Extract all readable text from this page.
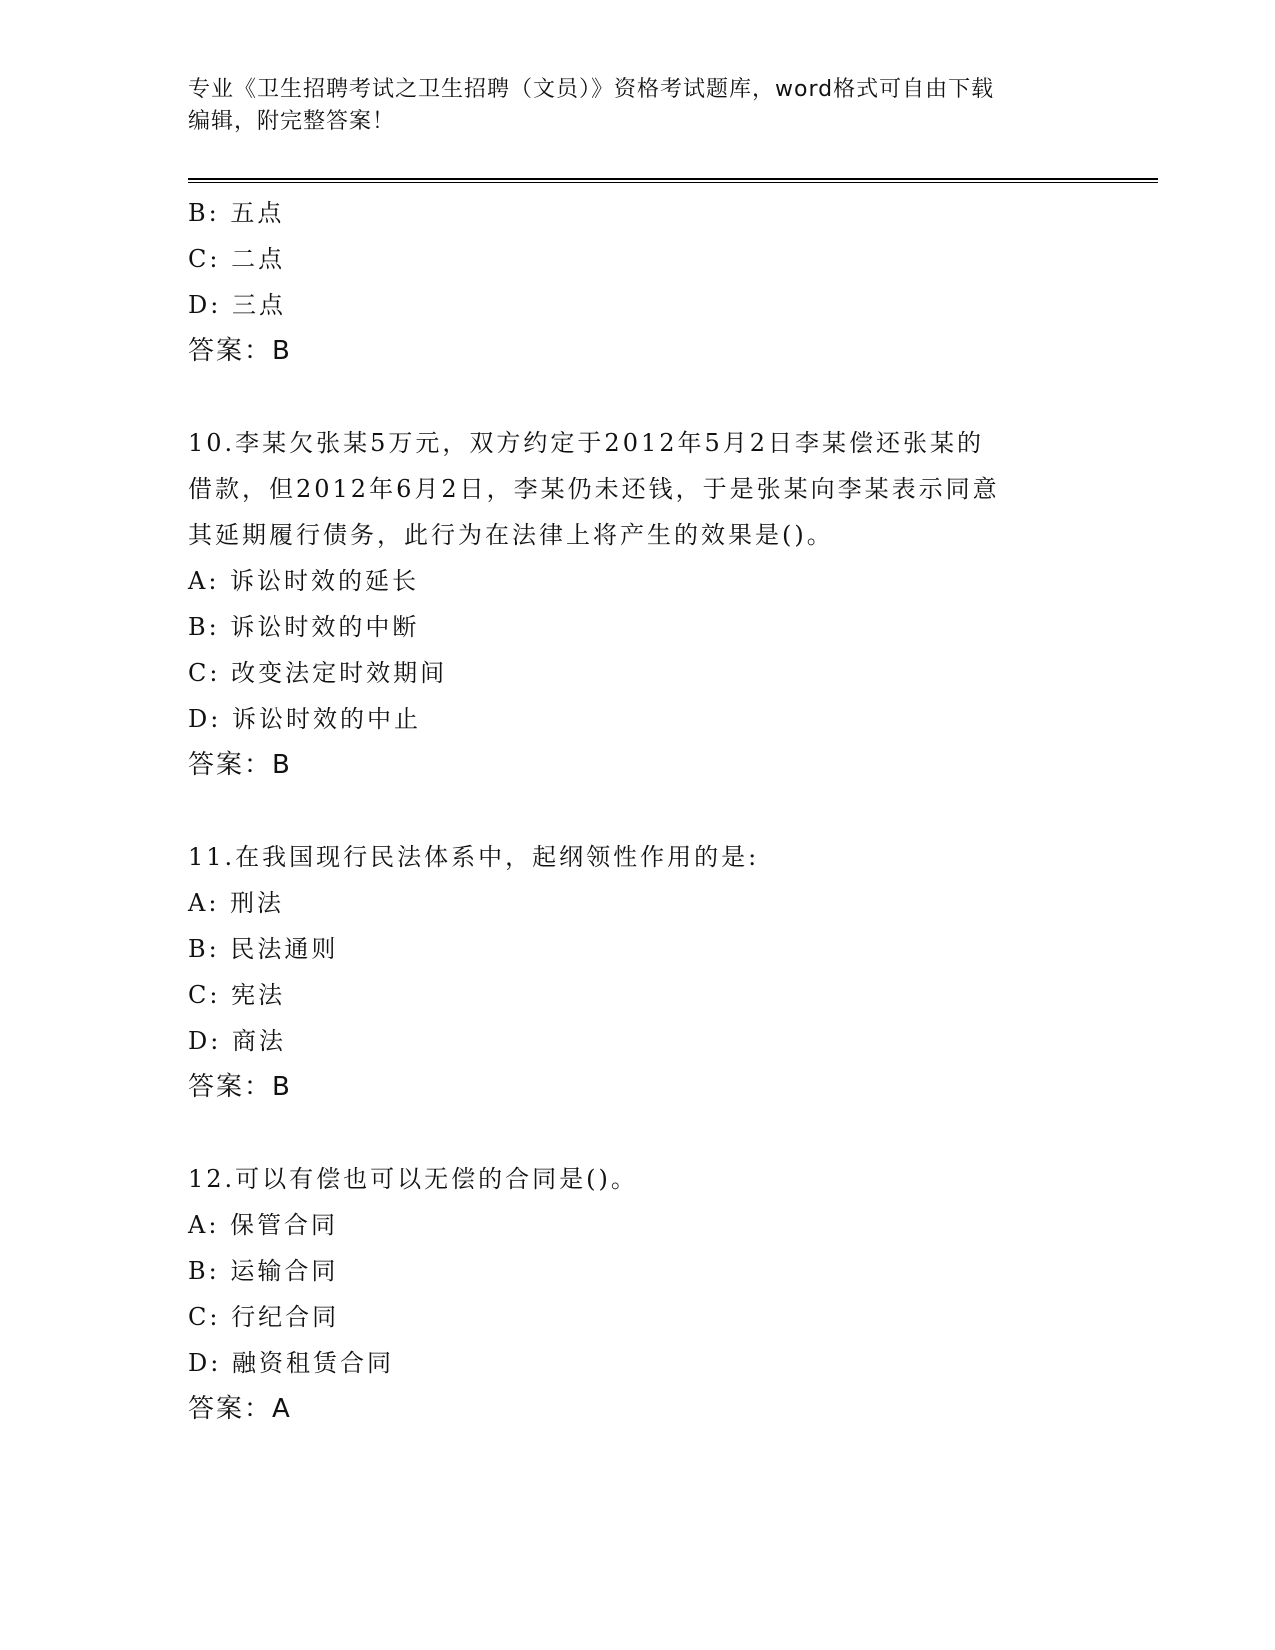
专业《卫生招聘考试之卫生招聘（文员）》资格考试题库，word格式可自由下载
编辑，附完整答案！
B: 五点
C: 二点
D: 三点
答案：B
10.李某欠张某5万元，双方约定于2012年5月2日李某偿还张某的
借款，但2012年6月2日，李某仍未还钱，于是张某向李某表示同意
其延期履行债务，此行为在法律上将产生的效果是()。
A: 诉讼时效的延长
B: 诉讼时效的中断
C: 改变法定时效期间
D: 诉讼时效的中止
答案：B
11.在我国现行民法体系中，起纲领性作用的是:
A: 刑法
B: 民法通则
C: 宪法
D: 商法
答案：B
12.可以有偿也可以无偿的合同是()。
A: 保管合同
B: 运输合同
C: 行纪合同
D: 融资租赁合同
答案：A
